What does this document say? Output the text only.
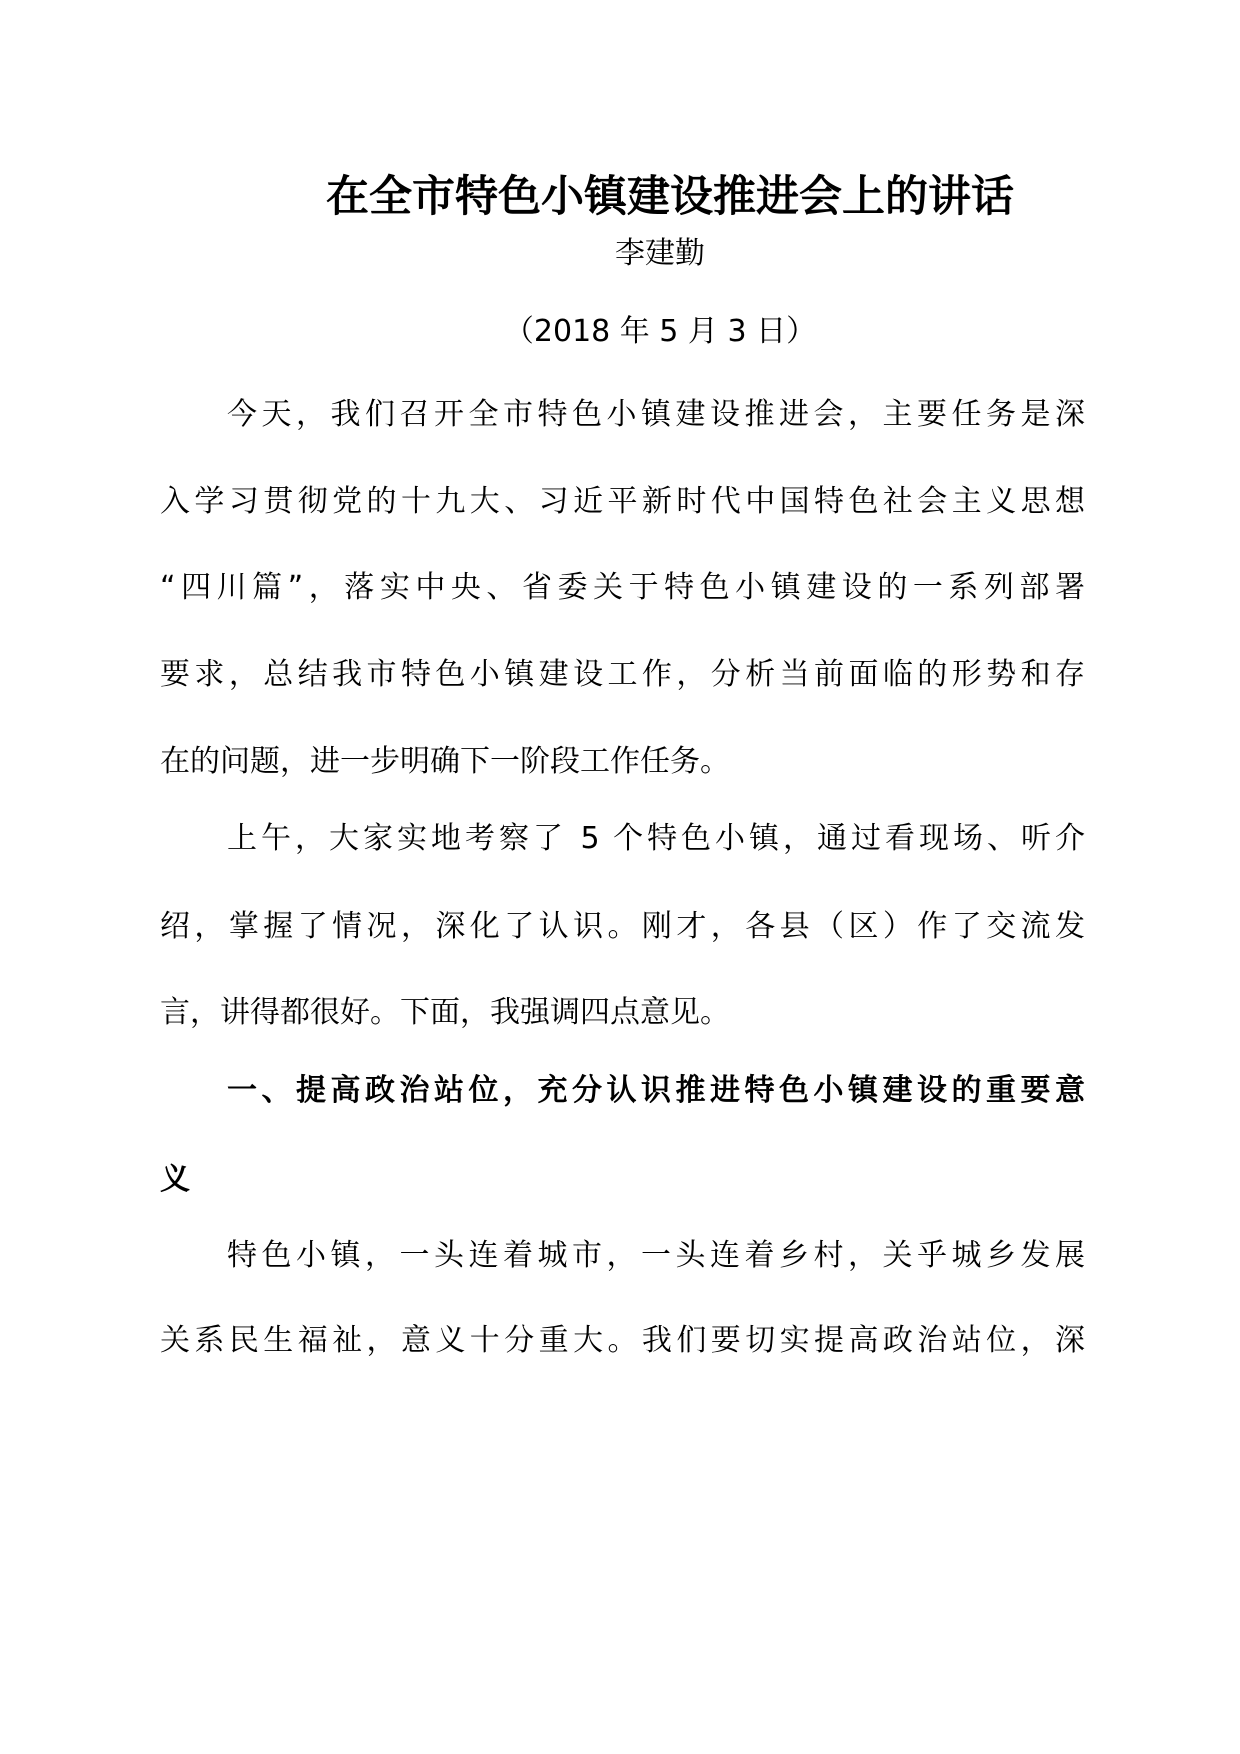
在全市特色小镇建设推进会上的讲话
李建勤
（2018 年 5 月 3 日）
今天，我们召开全市特色小镇建设推进会，主要任务是深
入学习贯彻党的十九大、习近平新时代中国特色社会主义思想
“四川篇”，落实中央、省委关于特色小镇建设的一系列部署
要求，总结我市特色小镇建设工作，分析当前面临的形势和存
在的问题，进一步明确下一阶段工作任务。
上午，大家实地考察了 5 个特色小镇，通过看现场、听介
绍，掌握了情况，深化了认识。刚才，各县（区）作了交流发
言，讲得都很好。下面，我强调四点意见。
一、提高政治站位，充分认识推进特色小镇建设的重要意
义
特色小镇，一头连着城市，一头连着乡村，关乎城乡发展
关系民生福祉，意义十分重大。我们要切实提高政治站位，深
